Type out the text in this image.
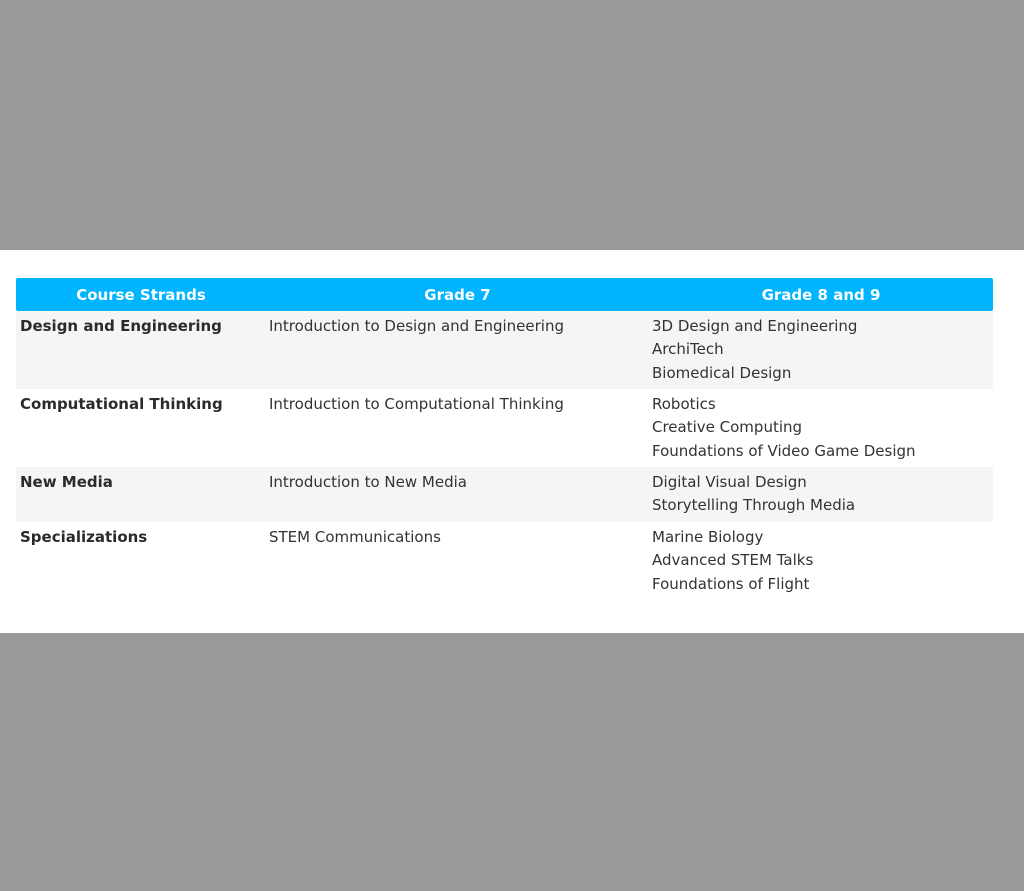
Course Strands	Grade 7	Grade 8 and 9
Design and Engineering	Introduction to Design and Engineering	3D Design and Engineering
ArchiTech
Biomedical Design
Computational Thinking	Introduction to Computational Thinking	Robotics
Creative Computing
Foundations of Video Game Design
New Media	Introduction to New Media	Digital Visual Design
Storytelling Through Media
Specializations	STEM Communications	Marine Biology
Advanced STEM Talks
Foundations of Flight
